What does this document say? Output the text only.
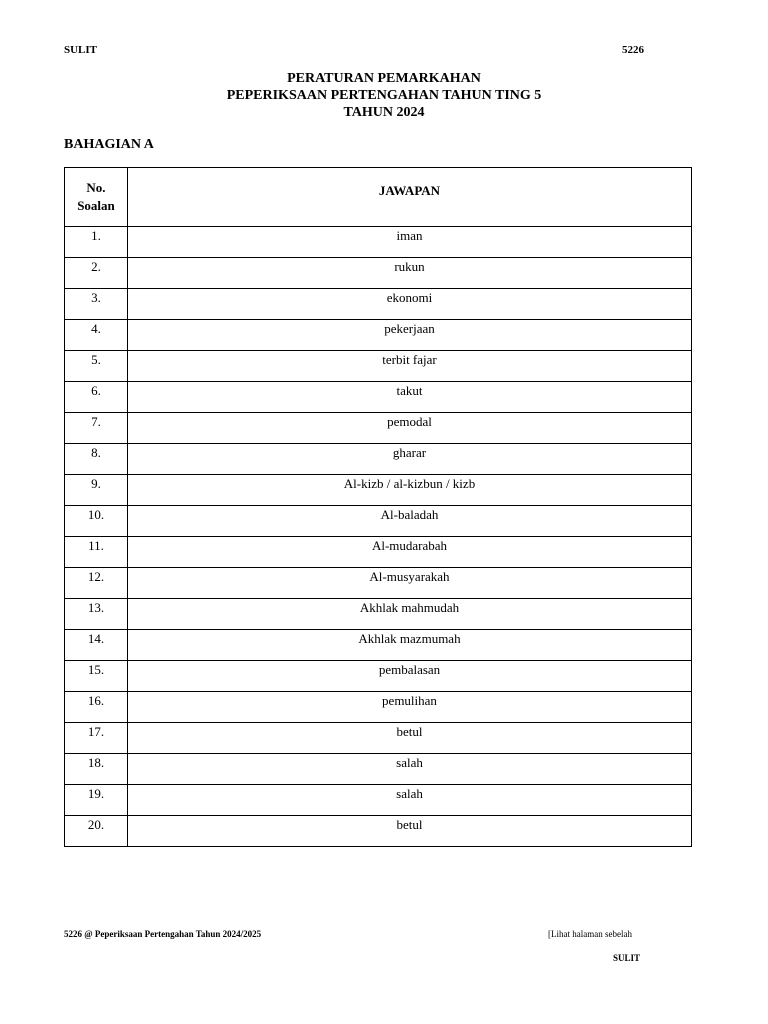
SULIT	5226
PERATURAN PEMARKAHAN
PEPERIKSAAN PERTENGAHAN TAHUN TING 5
TAHUN 2024
BAHAGIAN A
No.
Soalan	JAWAPAN
1.	iman
2.	rukun
3.	ekonomi
4.	pekerjaan
5.	terbit fajar
6.	takut
7.	pemodal
8.	gharar
9.	Al-kizb / al-kizbun / kizb
10.	Al-baladah
11.	Al-mudarabah
12.	Al-musyarakah
13.	Akhlak mahmudah
14.	Akhlak mazmumah
15.	pembalasan
16.	pemulihan
17.	betul
18.	salah
19.	salah
20.	betul
5226 @ Peperiksaan Pertengahan Tahun 2024/2025	[Lihat halaman sebelah
SULIT
